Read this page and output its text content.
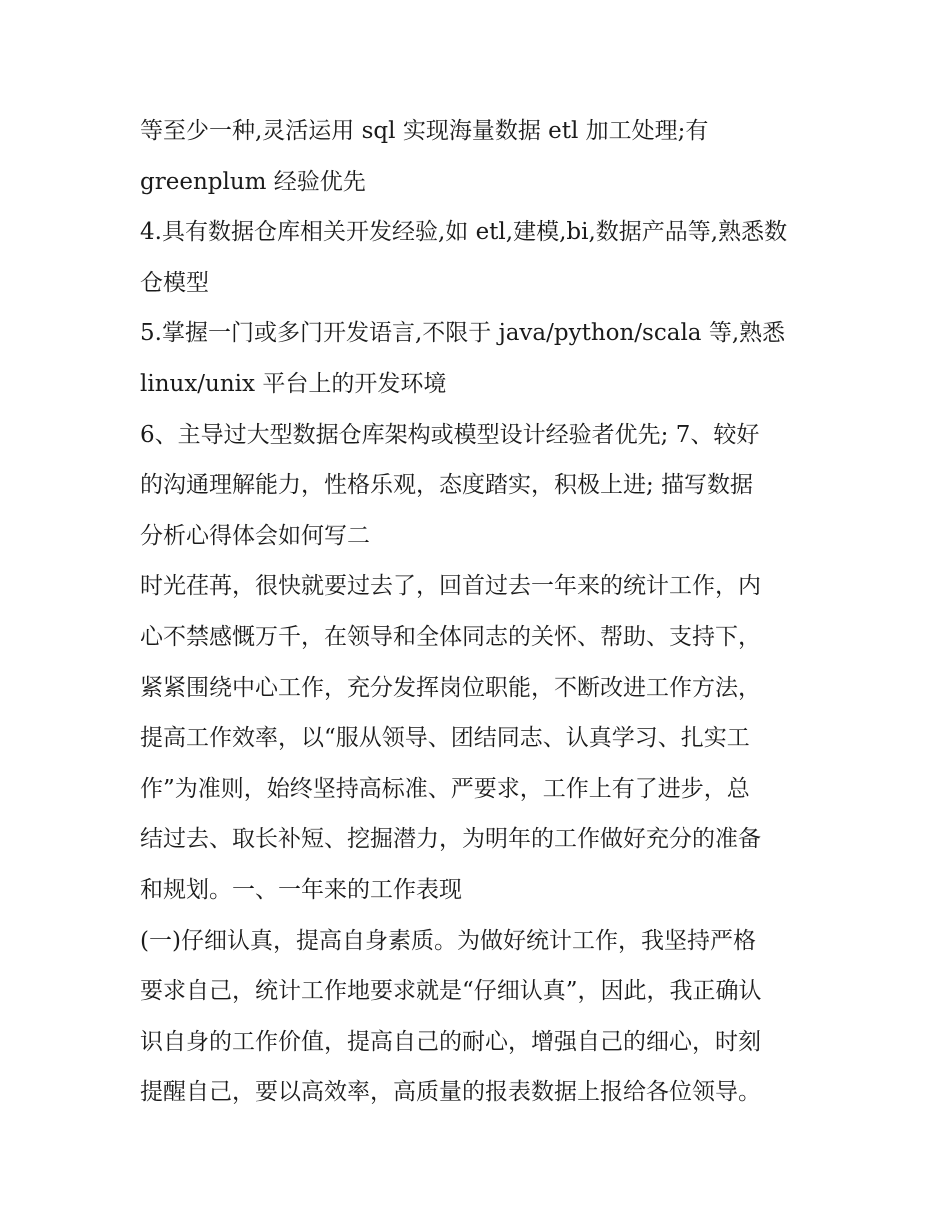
等至少一种,灵活运用 sql 实现海量数据 etl 加工处理;有
greenplum 经验优先
4.具有数据仓库相关开发经验,如 etl,建模,bi,数据产品等,熟悉数
仓模型
5.掌握一门或多门开发语言,不限于 java/python/scala 等,熟悉
linux/unix 平台上的开发环境
6、主导过大型数据仓库架构或模型设计经验者优先; 7、较好
的沟通理解能力，性格乐观，态度踏实，积极上进; 描写数据
分析心得体会如何写二
时光荏苒，很快就要过去了，回首过去一年来的统计工作，内
心不禁感慨万千，在领导和全体同志的关怀、帮助、支持下，
紧紧围绕中心工作，充分发挥岗位职能，不断改进工作方法，
提高工作效率，以“服从领导、团结同志、认真学习、扎实工
作”为准则，始终坚持高标准、严要求，工作上有了进步，总
结过去、取长补短、挖掘潜力，为明年的工作做好充分的准备
和规划。一、一年来的工作表现
(一)仔细认真，提高自身素质。为做好统计工作，我坚持严格
要求自己，统计工作地要求就是“仔细认真”，因此，我正确认
识自身的工作价值，提高自己的耐心，增强自己的细心，时刻
提醒自己，要以高效率，高质量的报表数据上报给各位领导。
